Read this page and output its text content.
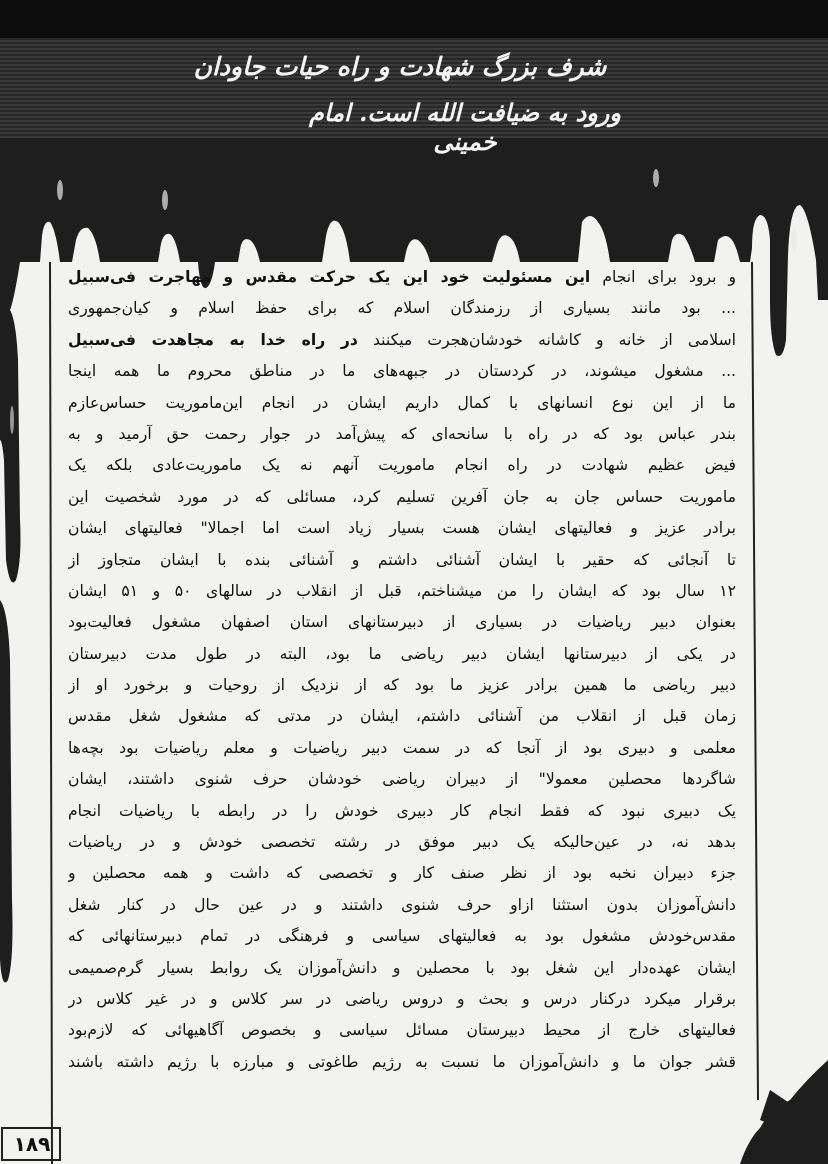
شرف بزرگ شهادت و راه حیات جاودان
ورود به ضیافت الله است. امام خمینی
و برود برای انجام این مسئولیت خود این یک حرکت مقدس و مهاجرت فی‌سبیل
... بود مانند بسیاری از رزمندگان اسلام که برای حفظ اسلام و کیان‌جمهوری
اسلامی از خانه و کاشانه خودشان‌هجرت میکنند در راه خدا به مجاهدت فی‌سبیل
... مشغول میشوند، در کردستان در جبهه‌های ما در مناطق محروم ما همه اینجا
ما از این نوع انسانهای با کمال داریم ایشان در انجام این‌ماموریت حساس‌عازم
بندر عباس بود که در راه با سانحه‌ای که پیش‌آمد در جوار رحمت حق آرمید و به
فیض عظیم شهادت در راه انجام ماموریت آنهم نه یک ماموریت‌عادی بلکه یک
ماموریت حساس جان به جان آفرین تسلیم کرد، مسائلی که در مورد شخصیت این
برادر عزیز و فعالیتهای ایشان هست بسیار زیاد است اما اجمالا" فعالیتهای ایشان
تا آنجائی که حقیر با ایشان آشنائی داشتم و آشنائی بنده با ایشان متجاوز از
۱۲ سال بود که ایشان را من میشناختم، قبل از انقلاب در سالهای ۵۰ و ۵۱ ایشان
بعنوان دبیر ریاضیات در بسیاری از دبیرستانهای استان اصفهان مشغول فعالیت‌بود
در یکی از دبیرستانها ایشان دبیر ریاضی ما بود، البته در طول مدت دبیرستان
دبیر ریاضی ما همین برادر عزیز ما بود که از نزدیک از روحیات و برخورد او از
زمان قبل از انقلاب من آشنائی داشتم، ایشان در مدتی که مشغول شغل مقدس
معلمی و دبیری بود از آنجا که در سمت دبیر ریاضیات و معلم ریاضیات بود بچه‌ها
شاگردها محصلین معمولا" از دبیران ریاضی خودشان حرف شنوی داشتند، ایشان
یک دبیری نبود که فقط انجام کار دبیری خودش را در رابطه با ریاضیات انجام
بدهد نه، در عین‌حالیکه یک دبیر موفق در رشته تخصصی خودش و در ریاضیات
جزء دبیران نخبه بود از نظر صنف کار و تخصصی که داشت و همه محصلین و
دانش‌آموزان بدون استثنا ازاو حرف شنوی داشتند و در عین حال در کنار شغل
مقدس‌خودش مشغول بود به فعالیتهای سیاسی و فرهنگی در تمام دبیرستانهائی که
ایشان عهده‌دار این شغل بود با محصلین و دانش‌آموزان یک روابط بسیار گرم‌صمیمی
برقرار میکرد درکنار درس و بحث و دروس ریاضی در سر کلاس و در غیر کلاس در
فعالیتهای خارج از محیط دبیرستان مسائل سیاسی و بخصوص آگاهیهائی که لازم‌بود
قشر جوان ما و دانش‌آموزان ما نسبت به رژیم طاغوتی و مبارزه با رژیم داشته باشند
۱۸۹
